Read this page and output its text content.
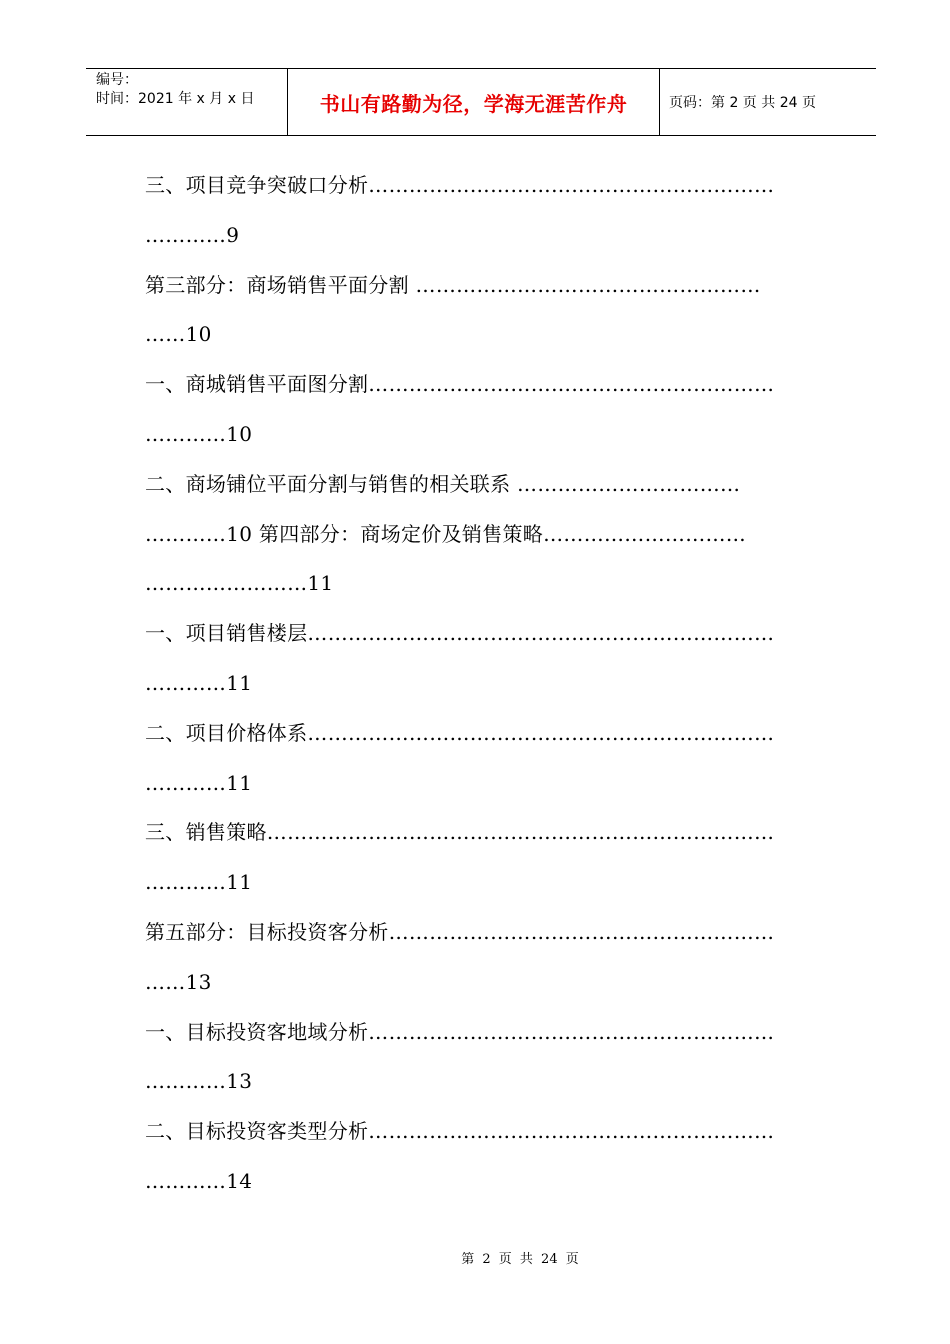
编号：
时间：2021 年 x 月 x 日	书山有路勤为径，学海无涯苦作舟	页码：第 2 页 共 24 页
三、项目竞争突破口分析……………………………………………………
…………9
第三部分：商场销售平面分割 ……………………………………………
……10
一、商城销售平面图分割……………………………………………………
…………10
二、商场铺位平面分割与销售的相关联系 ……………………………
…………10 第四部分：商场定价及销售策略…………………………
……………………11
一、项目销售楼层……………………………………………………………
…………11
二、项目价格体系……………………………………………………………
…………11
三、销售策略…………………………………………………………………
…………11
第五部分：目标投资客分析…………………………………………………
……13
一、目标投资客地域分析……………………………………………………
…………13
二、目标投资客类型分析……………………………………………………
…………14
第 2 页 共 24 页
